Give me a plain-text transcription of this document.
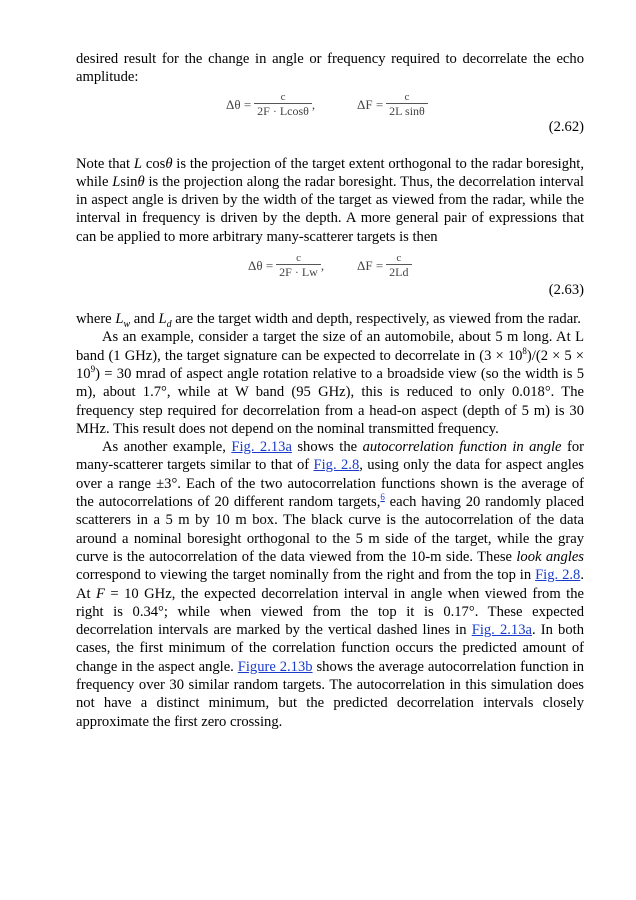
desired result for the change in angle or frequency required to decorrelate the echo amplitude:

$\Delta\theta = \frac{c}{2F \cdot Lcos\theta}$ ,	$\Delta F = \frac{c}{\text{2L sinθ}}$
(2.62)

Note that L cosθ is the projection of the target extent orthogonal to the radar boresight, while Lsinθ is the projection along the radar boresight. Thus, the decorrelation interval in aspect angle is driven by the width of the target as viewed from the radar, while the interval in frequency is driven by the depth. A more general pair of expressions that can be applied to more arbitrary many-scatterer targets is then

$\Delta\theta = \frac{c}{2F \cdot Lw}$ ,	$\Delta F = \frac{c}{2Ld}$
(2.63)

where $L_w$ and $L_d$ are the target width and depth, respectively, as viewed from the radar.

As an example, consider a target the size of an automobile, about 5 m long. At L band (1 GHz), the target signature can be expected to decorrelate in $(3 \times 10^8)/(2 \times 5 \times 10^9) = 30$ mrad of aspect angle rotation relative to a broadside view (so the width is 5 m), about 1.7°, while at W band (95 GHz), this is reduced to only 0.018°. The frequency step required for decorrelation from a head-on aspect (depth of 5 m) is 30 MHz. This result does not depend on the nominal transmitted frequency.

As another example, Fig. 2.13a shows the autocorrelation function in angle for many-scatterer targets similar to that of Fig. 2.8, using only the data for aspect angles over a range ±3°. Each of the two autocorrelation functions shown is the average of the autocorrelations of 20 different random targets,$^6$ each having 20 randomly placed scatterers in a 5 m by 10 m box. The black curve is the autocorrelation of the data around a nominal boresight orthogonal to the 5 m side of the target, while the gray curve is the autocorrelation of the data viewed from the 10-m side. These look angles correspond to viewing the target nominally from the right and from the top in Fig. 2.8. At F = 10 GHz, the expected decorrelation interval in angle when viewed from the right is 0.34°; while when viewed from the top it is 0.17°. These expected decorrelation intervals are marked by the vertical dashed lines in Fig. 2.13a. In both cases, the first minimum of the correlation function occurs the predicted amount of change in the aspect angle. Figure 2.13b shows the average autocorrelation function in frequency over 30 similar random targets. The autocorrelation in this simulation does not have a distinct minimum, but the predicted decorrelation intervals closely approximate the first zero crossing.
